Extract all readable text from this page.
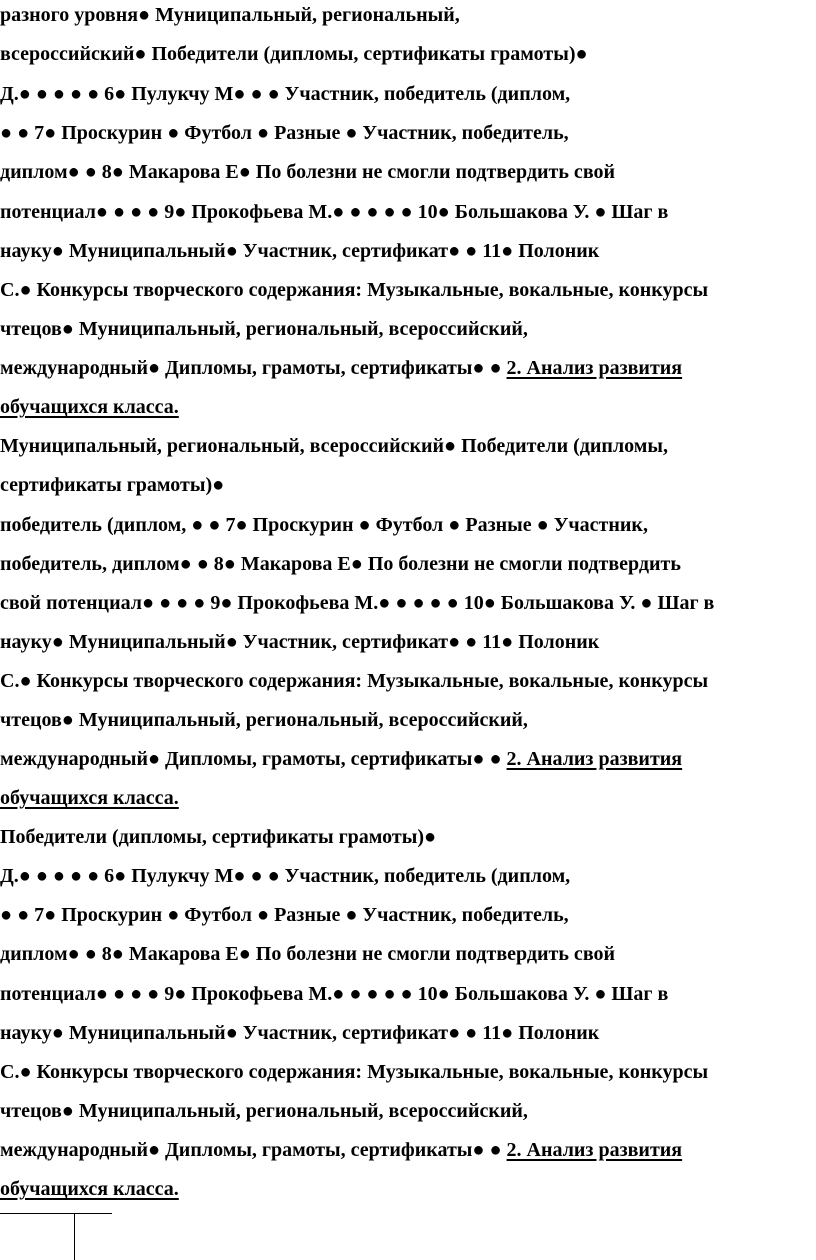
разного уровня● Муниципальный, региональный,
всероссийский● Победители (дипломы, сертификаты грамоты)●
Д.● ● ● ● ● 6● Пулукчу М● ● ● Участник, победитель (диплом,
● ● 7● Проскурин ● Футбол ● Разные ● Участник, победитель,
диплом● ● 8● Макарова Е● По болезни не смогли подтвердить свой
потенциал● ● ● ● 9● Прокофьева М.● ● ● ● ● 10● Большакова У. ● Шаг в
науку● Муниципальный● Участник, сертификат● ● 11● Полоник
С.● Конкурсы творческого содержания: Музыкальные, вокальные, конкурсы
чтецов● Муниципальный, региональный, всероссийский,
международный● Дипломы, грамоты, сертификаты● ● 2. Анализ развития
обучащихся класса.
Муниципальный, региональный, всероссийский● Победители (дипломы,
сертификаты грамоты)●
победитель (диплом, ● ● 7● Проскурин ● Футбол ● Разные ● Участник,
победитель, диплом● ● 8● Макарова Е● По болезни не смогли подтвердить
свой потенциал● ● ● ● 9● Прокофьева М.● ● ● ● ● 10● Большакова У. ● Шаг в
науку● Муниципальный● Участник, сертификат● ● 11● Полоник
С.● Конкурсы творческого содержания: Музыкальные, вокальные, конкурсы
чтецов● Муниципальный, региональный, всероссийский,
международный● Дипломы, грамоты, сертификаты● ● 2. Анализ развития
обучащихся класса.
Победители (дипломы, сертификаты грамоты)●
Д.● ● ● ● ● 6● Пулукчу М● ● ● Участник, победитель (диплом,
● ● 7● Проскурин ● Футбол ● Разные ● Участник, победитель,
диплом● ● 8● Макарова Е● По болезни не смогли подтвердить свой
потенциал● ● ● ● 9● Прокофьева М.● ● ● ● ● 10● Большакова У. ● Шаг в
науку● Муниципальный● Участник, сертификат● ● 11● Полоник
С.● Конкурсы творческого содержания: Музыкальные, вокальные, конкурсы
чтецов● Муниципальный, региональный, всероссийский,
международный● Дипломы, грамоты, сертификаты● ● 2. Анализ развития
обучащихся класса.
